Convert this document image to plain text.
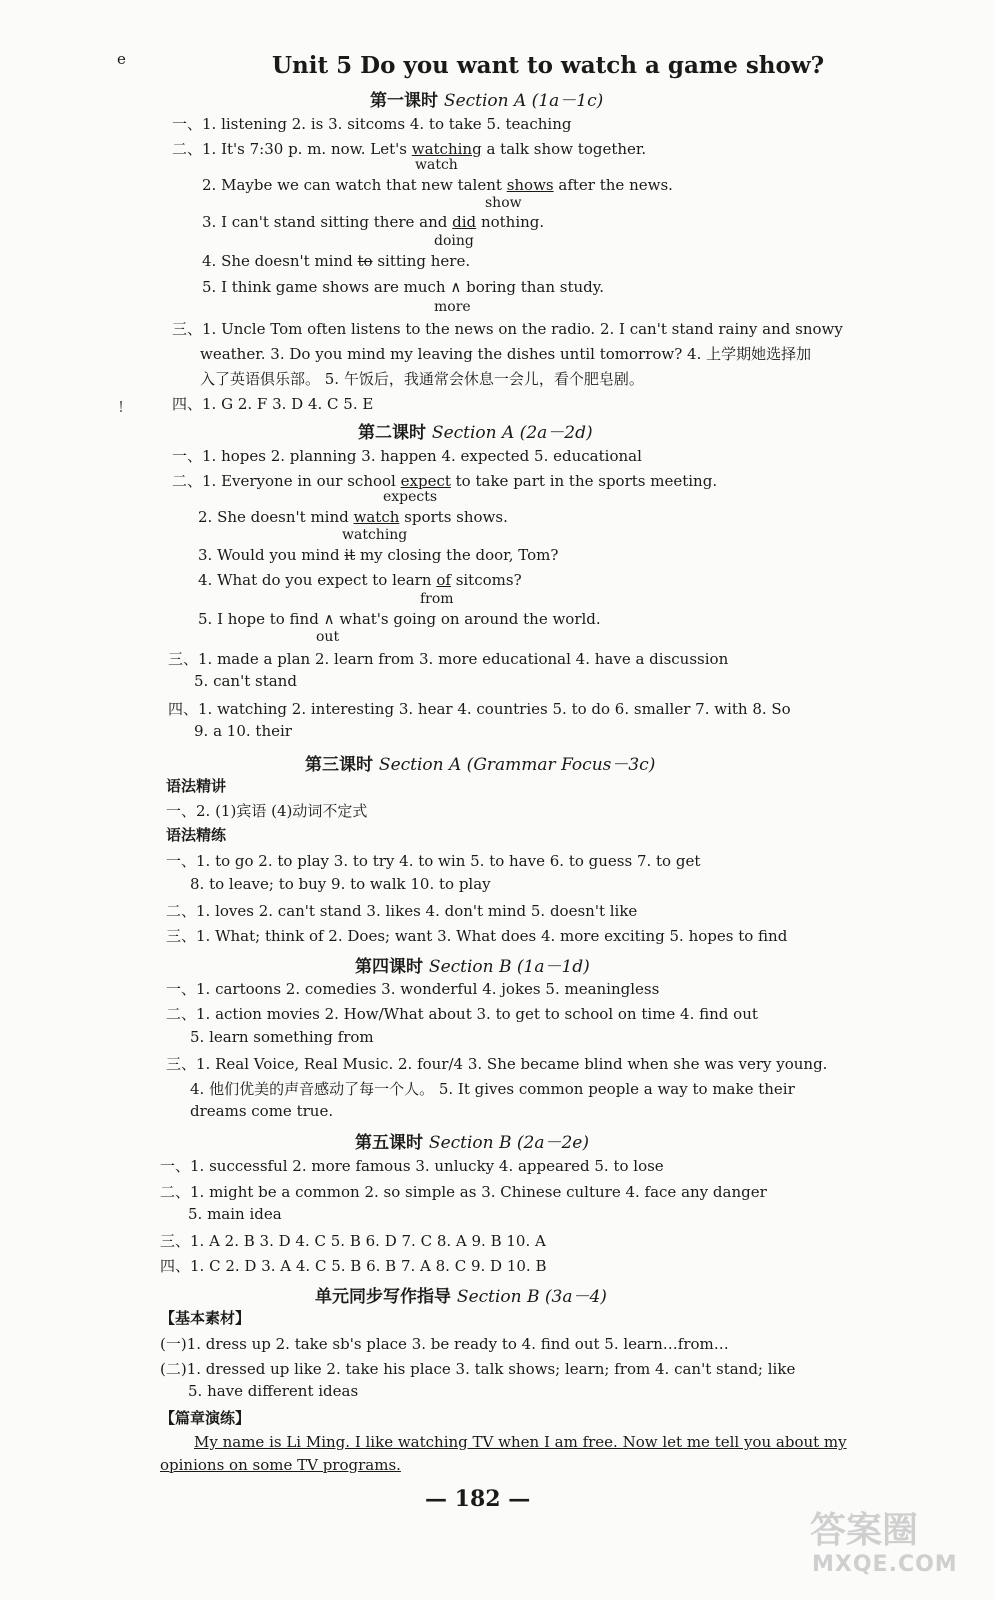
e
!
Unit 5 Do you want to watch a game show?
第一课时 Section A (1a－1c)
一、1. listening 2. is 3. sitcoms 4. to take 5. teaching
二、1. It's 7:30 p. m. now. Let's watching a talk show together.
watch
2. Maybe we can watch that new talent shows after the news.
show
3. I can't stand sitting there and did nothing.
doing
4. She doesn't mind to sitting here.
5. I think game shows are much ∧ boring than study.
more
三、1. Uncle Tom often listens to the news on the radio. 2. I can't stand rainy and snowy
weather. 3. Do you mind my leaving the dishes until tomorrow? 4. 上学期她选择加
入了英语俱乐部。 5. 午饭后，我通常会休息一会儿，看个肥皂剧。
四、1. G 2. F 3. D 4. C 5. E
第二课时 Section A (2a－2d)
一、1. hopes 2. planning 3. happen 4. expected 5. educational
二、1. Everyone in our school expect to take part in the sports meeting.
expects
2. She doesn't mind watch sports shows.
watching
3. Would you mind it my closing the door, Tom?
4. What do you expect to learn of sitcoms?
from
5. I hope to find ∧ what's going on around the world.
out
三、1. made a plan 2. learn from 3. more educational 4. have a discussion
5. can't stand
四、1. watching 2. interesting 3. hear 4. countries 5. to do 6. smaller 7. with 8. So
9. a 10. their
第三课时 Section A (Grammar Focus－3c)
语法精讲
一、2. (1)宾语 (4)动词不定式
语法精练
一、1. to go 2. to play 3. to try 4. to win 5. to have 6. to guess 7. to get
8. to leave; to buy 9. to walk 10. to play
二、1. loves 2. can't stand 3. likes 4. don't mind 5. doesn't like
三、1. What; think of 2. Does; want 3. What does 4. more exciting 5. hopes to find
第四课时 Section B (1a－1d)
一、1. cartoons 2. comedies 3. wonderful 4. jokes 5. meaningless
二、1. action movies 2. How/What about 3. to get to school on time 4. find out
5. learn something from
三、1. Real Voice, Real Music. 2. four/4 3. She became blind when she was very young.
4. 他们优美的声音感动了每一个人。 5. It gives common people a way to make their
dreams come true.
第五课时 Section B (2a－2e)
一、1. successful 2. more famous 3. unlucky 4. appeared 5. to lose
二、1. might be a common 2. so simple as 3. Chinese culture 4. face any danger
5. main idea
三、1. A 2. B 3. D 4. C 5. B 6. D 7. C 8. A 9. B 10. A
四、1. C 2. D 3. A 4. C 5. B 6. B 7. A 8. C 9. D 10. B
单元同步写作指导 Section B (3a－4)
【基本素材】
(一)1. dress up 2. take sb's place 3. be ready to 4. find out 5. learn…from…
(二)1. dressed up like 2. take his place 3. talk shows; learn; from 4. can't stand; like
5. have different ideas
【篇章演练】
My name is Li Ming. I like watching TV when I am free. Now let me tell you about my
opinions on some TV programs.
— 182 —
答案圈
MXQE.COM
